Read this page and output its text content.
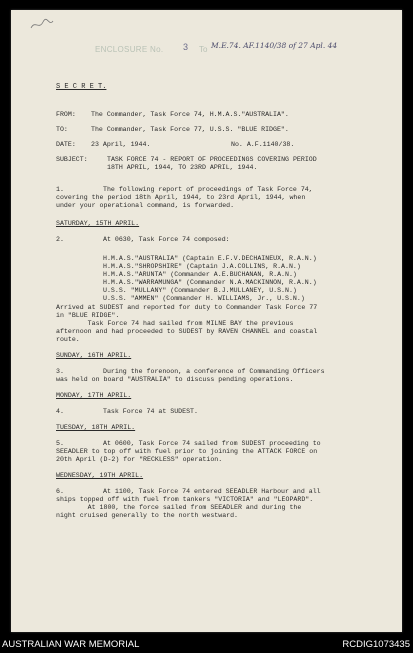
ENCLOSURE No. 3 To M.E.74. AF.1140/38 of 27 Apl. 44
S E C R E T.
FROM: The Commander, Task Force 74, H.M.A.S."AUSTRALIA".
TO:	The Commander, Task Force 77, U.S.S. "BLUE RIDGE".
DATE: 23 April, 1944.	No. A.F.1140/38.
SUBJECT:	TASK FORCE 74 - REPORT OF PROCEEDINGS COVERING PERIOD
18TH APRIL, 1944, TO 23RD APRIL, 1944.
1.	The following report of proceedings of Task Force 74,
covering the period 18th April, 1944, to 23rd April, 1944, when
under your operational command, is forwarded.
SATURDAY, 15TH APRIL.
2.	At 0630, Task Force 74 composed:
H.M.A.S."AUSTRALIA" (Captain E.F.V.DECHAINEUX, R.A.N.)
H.M.A.S."SHROPSHIRE" (Captain J.A.COLLINS, R.A.N.)
H.M.A.S."ARUNTA" (Commander A.E.BUCHANAN, R.A.N.)
H.M.A.S."WARRAMUNGA" (Commander N.A.MACKINNON, R.A.N.)
U.S.S. "MULLANY" (Commander B.J.MULLANEY, U.S.N.)
U.S.S. "AMMEN" (Commander H. WILLIAMS, Jr., U.S.N.)
Arrived at SUDEST and reported for duty to Commander Task Force 77
in "BLUE RIDGE".
Task Force 74 had sailed from MILNE BAY the previous
afternoon and had proceeded to SUDEST by RAVEN CHANNEL and coastal
route.
SUNDAY, 16TH APRIL.
3.	During the forenoon, a conference of Commanding Officers
was held on board "AUSTRALIA" to discuss pending operations.
MONDAY, 17TH APRIL.
4.	Task Force 74 at SUDEST.
TUESDAY, 18TH APRIL.
5.	At 0600, Task Force 74 sailed from SUDEST proceeding to
SEEADLER to top off with fuel prior to joining the ATTACK FORCE on
20th April (D-2) for "RECKLESS" operation.
WEDNESDAY, 19TH APRIL.
6.	At 1100, Task Force 74 entered SEEADLER Harbour and all
ships topped off with fuel from tankers "VICTORIA" and "LEOPARD".
At 1800, the force sailed from SEEADLER and during the
night cruised generally to the north westward.
AUSTRALIAN WAR MEMORIAL	RCDIG1073435
